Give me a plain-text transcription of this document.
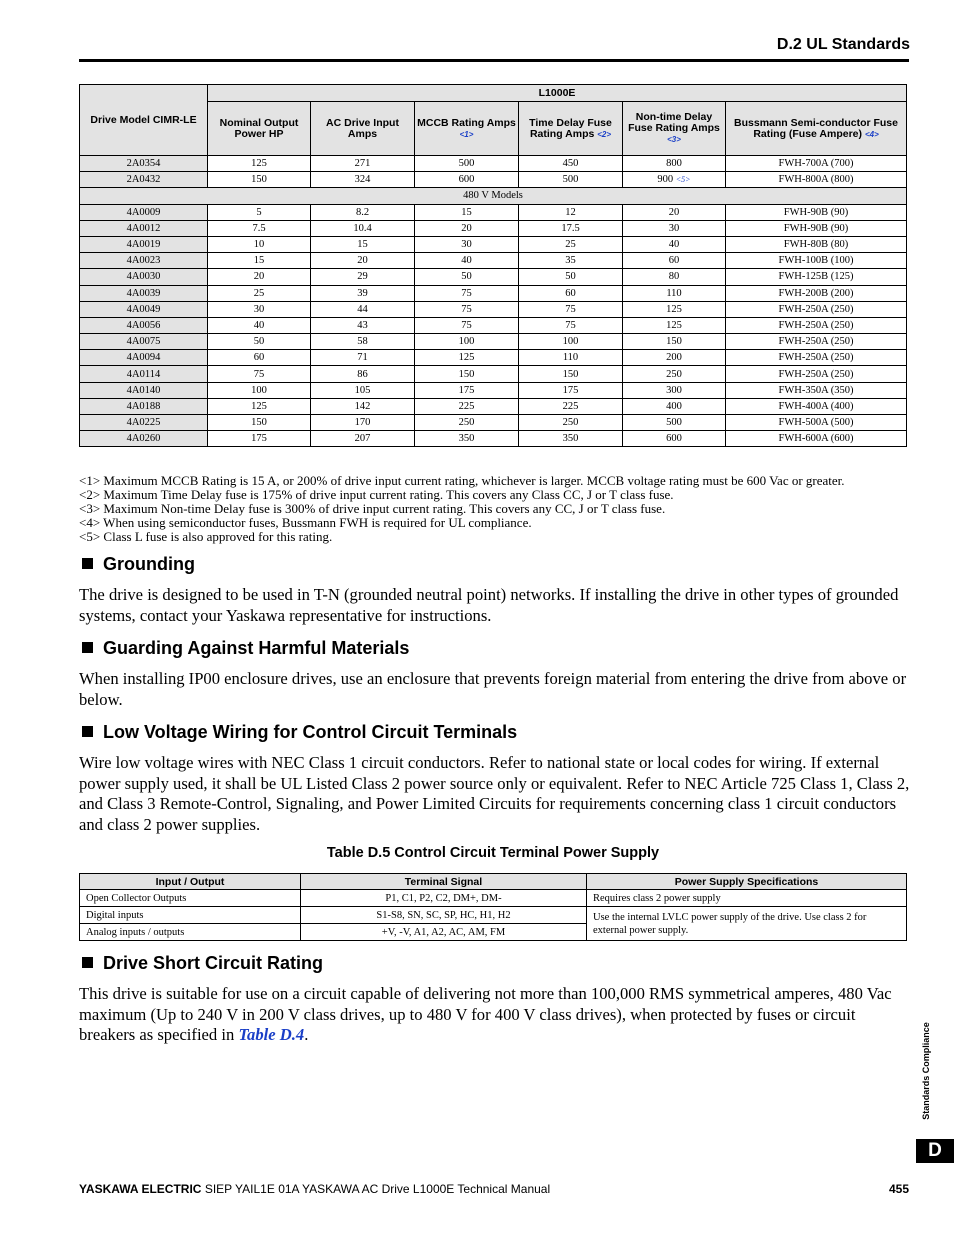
D.2 UL Standards
Drive Model CIMR-LE	L1000E					
	Nominal Output Power HP	AC Drive Input Amps	MCCB Rating Amps <1>	Time Delay Fuse Rating Amps <2>	Non-time Delay Fuse Rating Amps <3>	Bussmann Semi-conductor Fuse Rating (Fuse Ampere) <4>
2A0354	125	271	500	450	800	FWH-700A (700)
2A0432	150	324	600	500	900 <5>	FWH-800A (800)
480 V Models						
4A0009	5	8.2	15	12	20	FWH-90B (90)
4A0012	7.5	10.4	20	17.5	30	FWH-90B (90)
4A0019	10	15	30	25	40	FWH-80B (80)
4A0023	15	20	40	35	60	FWH-100B (100)
4A0030	20	29	50	50	80	FWH-125B (125)
4A0039	25	39	75	60	110	FWH-200B (200)
4A0049	30	44	75	75	125	FWH-250A (250)
4A0056	40	43	75	75	125	FWH-250A (250)
4A0075	50	58	100	100	150	FWH-250A (250)
4A0094	60	71	125	110	200	FWH-250A (250)
4A0114	75	86	150	150	250	FWH-250A (250)
4A0140	100	105	175	175	300	FWH-350A (350)
4A0188	125	142	225	225	400	FWH-400A (400)
4A0225	150	170	250	250	500	FWH-500A (500)
4A0260	175	207	350	350	600	FWH-600A (600)
<1> Maximum MCCB Rating is 15 A, or 200% of drive input current rating, whichever is larger. MCCB voltage rating must be 600 Vac or greater.
<2> Maximum Time Delay fuse is 175% of drive input current rating. This covers any Class CC, J or T class fuse.
<3> Maximum Non-time Delay fuse is 300% of drive input current rating. This covers any CC, J or T class fuse.
<4> When using semiconductor fuses, Bussmann FWH is required for UL compliance.
<5> Class L fuse is also approved for this rating.
Grounding
The drive is designed to be used in T-N (grounded neutral point) networks. If installing the drive in other types of grounded systems, contact your Yaskawa representative for instructions.
Guarding Against Harmful Materials
When installing IP00 enclosure drives, use an enclosure that prevents foreign material from entering the drive from above or below.
Low Voltage Wiring for Control Circuit Terminals
Wire low voltage wires with NEC Class 1 circuit conductors. Refer to national state or local codes for wiring. If external power supply used, it shall be UL Listed Class 2 power source only or equivalent. Refer to NEC Article 725 Class 1, Class 2, and Class 3 Remote-Control, Signaling, and Power Limited Circuits for requirements concerning class 1 circuit conductors and class 2 power supplies.
Table D.5 Control Circuit Terminal Power Supply
Input / Output	Terminal Signal	Power Supply Specifications
Open Collector Outputs	P1, C1, P2, C2, DM+, DM-	Requires class 2 power supply
Digital inputs	S1-S8, SN, SC, SP, HC, H1, H2	Use the internal LVLC power supply of the drive. Use class 2 for external power supply.
Analog inputs / outputs	+V, -V, A1, A2, AC, AM, FM	
Drive Short Circuit Rating
This drive is suitable for use on a circuit capable of delivering not more than 100,000 RMS symmetrical amperes, 480 Vac maximum (Up to 240 V in 200 V class drives, up to 480 V for 400 V class drives), when protected by fuses or circuit breakers as specified in Table D.4.	Standards Compliance
D
YASKAWA ELECTRIC SIEP YAIL1E 01A YASKAWA AC Drive L1000E Technical Manual	455
